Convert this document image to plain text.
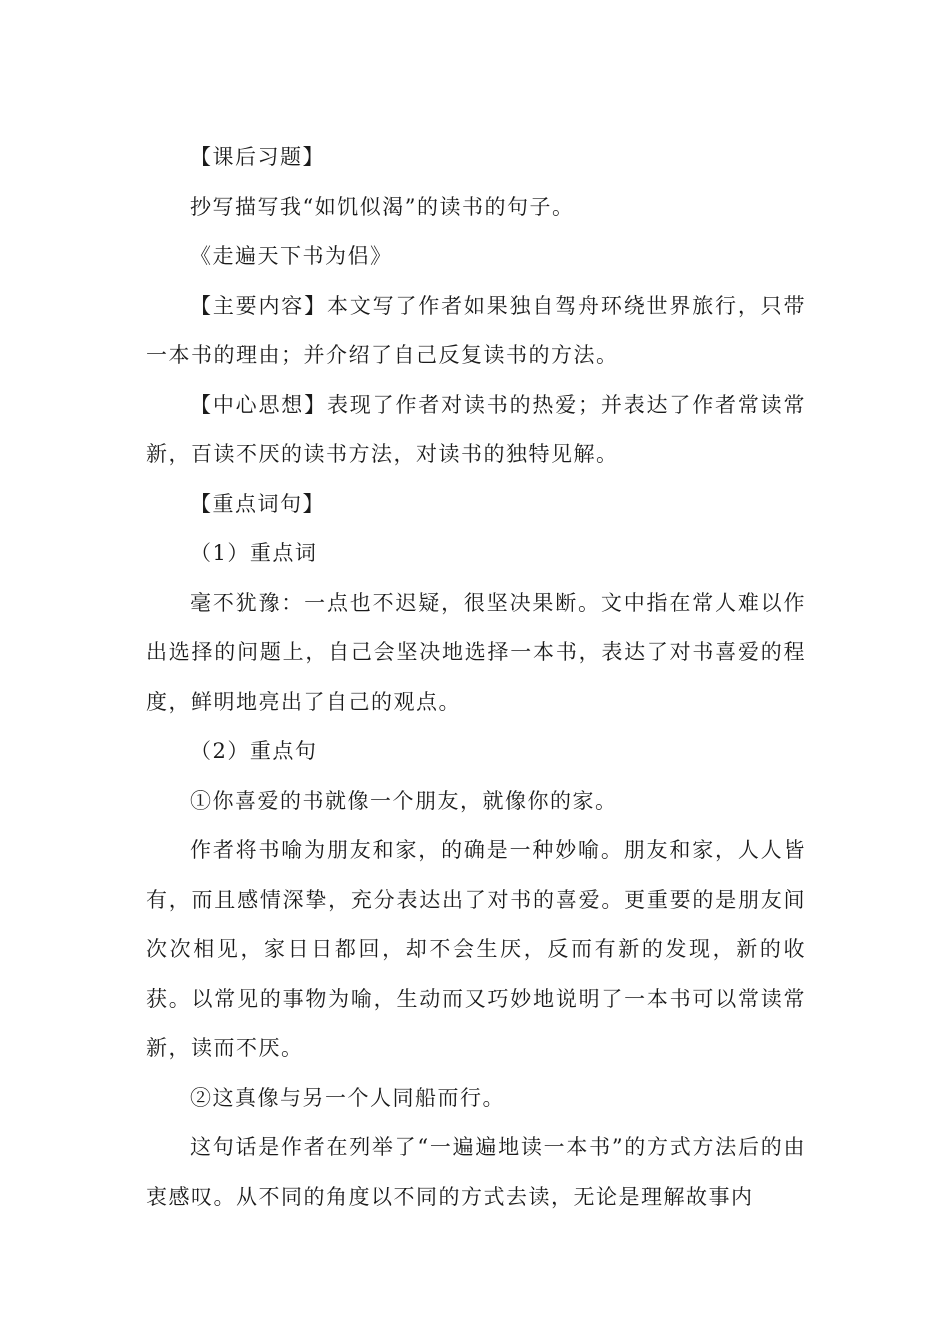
【课后习题】

抄写描写我“如饥似渴”的读书的句子。

《走遍天下书为侣》

【主要内容】本文写了作者如果独自驾舟环绕世界旅行，只带一本书的理由；并介绍了自己反复读书的方法。

【中心思想】表现了作者对读书的热爱；并表达了作者常读常新，百读不厌的读书方法，对读书的独特见解。

【重点词句】

（1）重点词

毫不犹豫：一点也不迟疑，很坚决果断。文中指在常人难以作出选择的问题上，自己会坚决地选择一本书，表达了对书喜爱的程度，鲜明地亮出了自己的观点。

（2）重点句

①你喜爱的书就像一个朋友，就像你的家。

作者将书喻为朋友和家，的确是一种妙喻。朋友和家，人人皆有，而且感情深挚，充分表达出了对书的喜爱。更重要的是朋友间次次相见，家日日都回，却不会生厌，反而有新的发现，新的收获。以常见的事物为喻，生动而又巧妙地说明了一本书可以常读常新，读而不厌。

②这真像与另一个人同船而行。

这句话是作者在列举了“一遍遍地读一本书”的方式方法后的由衷感叹。从不同的角度以不同的方式去读，无论是理解故事内
